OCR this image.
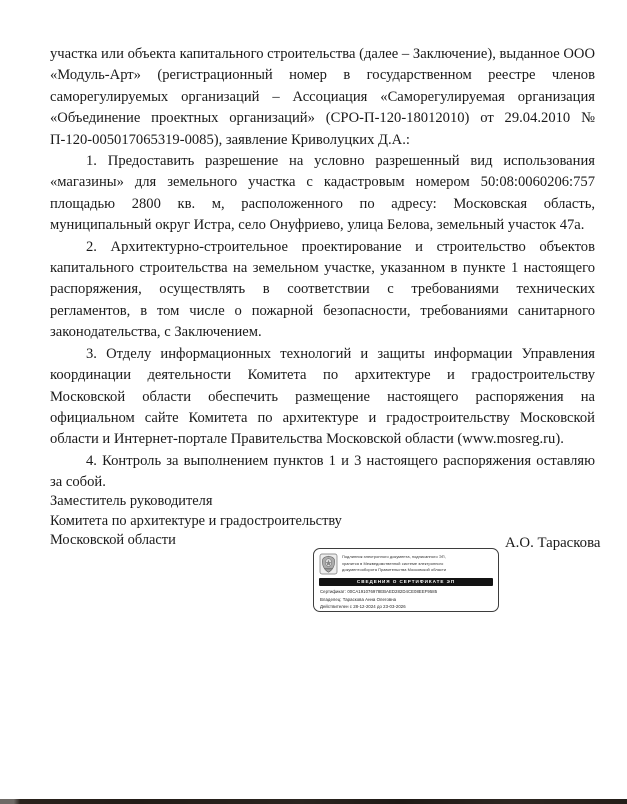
участка или объекта капитального строительства (далее – Заключение), выданное ООО «Модуль-Арт» (регистрационный номер в государственном реестре членов саморегулируемых организаций – Ассоциация «Саморегулируемая организация «Объединение проектных организаций» (СРО-П-120-18012010) от 29.04.2010 № П-120-005017065319-0085), заявление Криволуцких Д.А.:

1. Предоставить разрешение на условно разрешенный вид использования «магазины» для земельного участка с кадастровым номером 50:08:0060206:757 площадью 2800 кв. м, расположенного по адресу: Московская область, муниципальный округ Истра, село Онуфриево, улица Белова, земельный участок 47а.

2. Архитектурно-строительное проектирование и строительство объектов капитального строительства на земельном участке, указанном в пункте 1 настоящего распоряжения, осуществлять в соответствии с требованиями технических регламентов, в том числе о пожарной безопасности, требованиями санитарного законодательства, с Заключением.

3. Отделу информационных технологий и защиты информации Управления координации деятельности Комитета по архитектуре и градостроительству Московской области обеспечить размещение настоящего распоряжения на официальном сайте Комитета по архитектуре и градостроительству Московской области и Интернет-портале Правительства Московской области (www.mosreg.ru).

4. Контроль за выполнением пунктов 1 и 3 настоящего распоряжения оставляю за собой.

Заместитель руководителя
Комитета по архитектуре и градостроительству
Московской области
Подлинник электронного документа, подписанного ЭП,
хранится в Межведомственной системе электронного
документооборота Правительства Московской области
СВЕДЕНИЯ О СЕРТИФИКАТЕ ЭП
Сертификат: 00CA191076978EBAED282D4CE08EEF9585
Владелец: Тараскова Анна Олеговна
Действителен с 28-12-2024 до 23-03-2026
А.О. Тараскова
